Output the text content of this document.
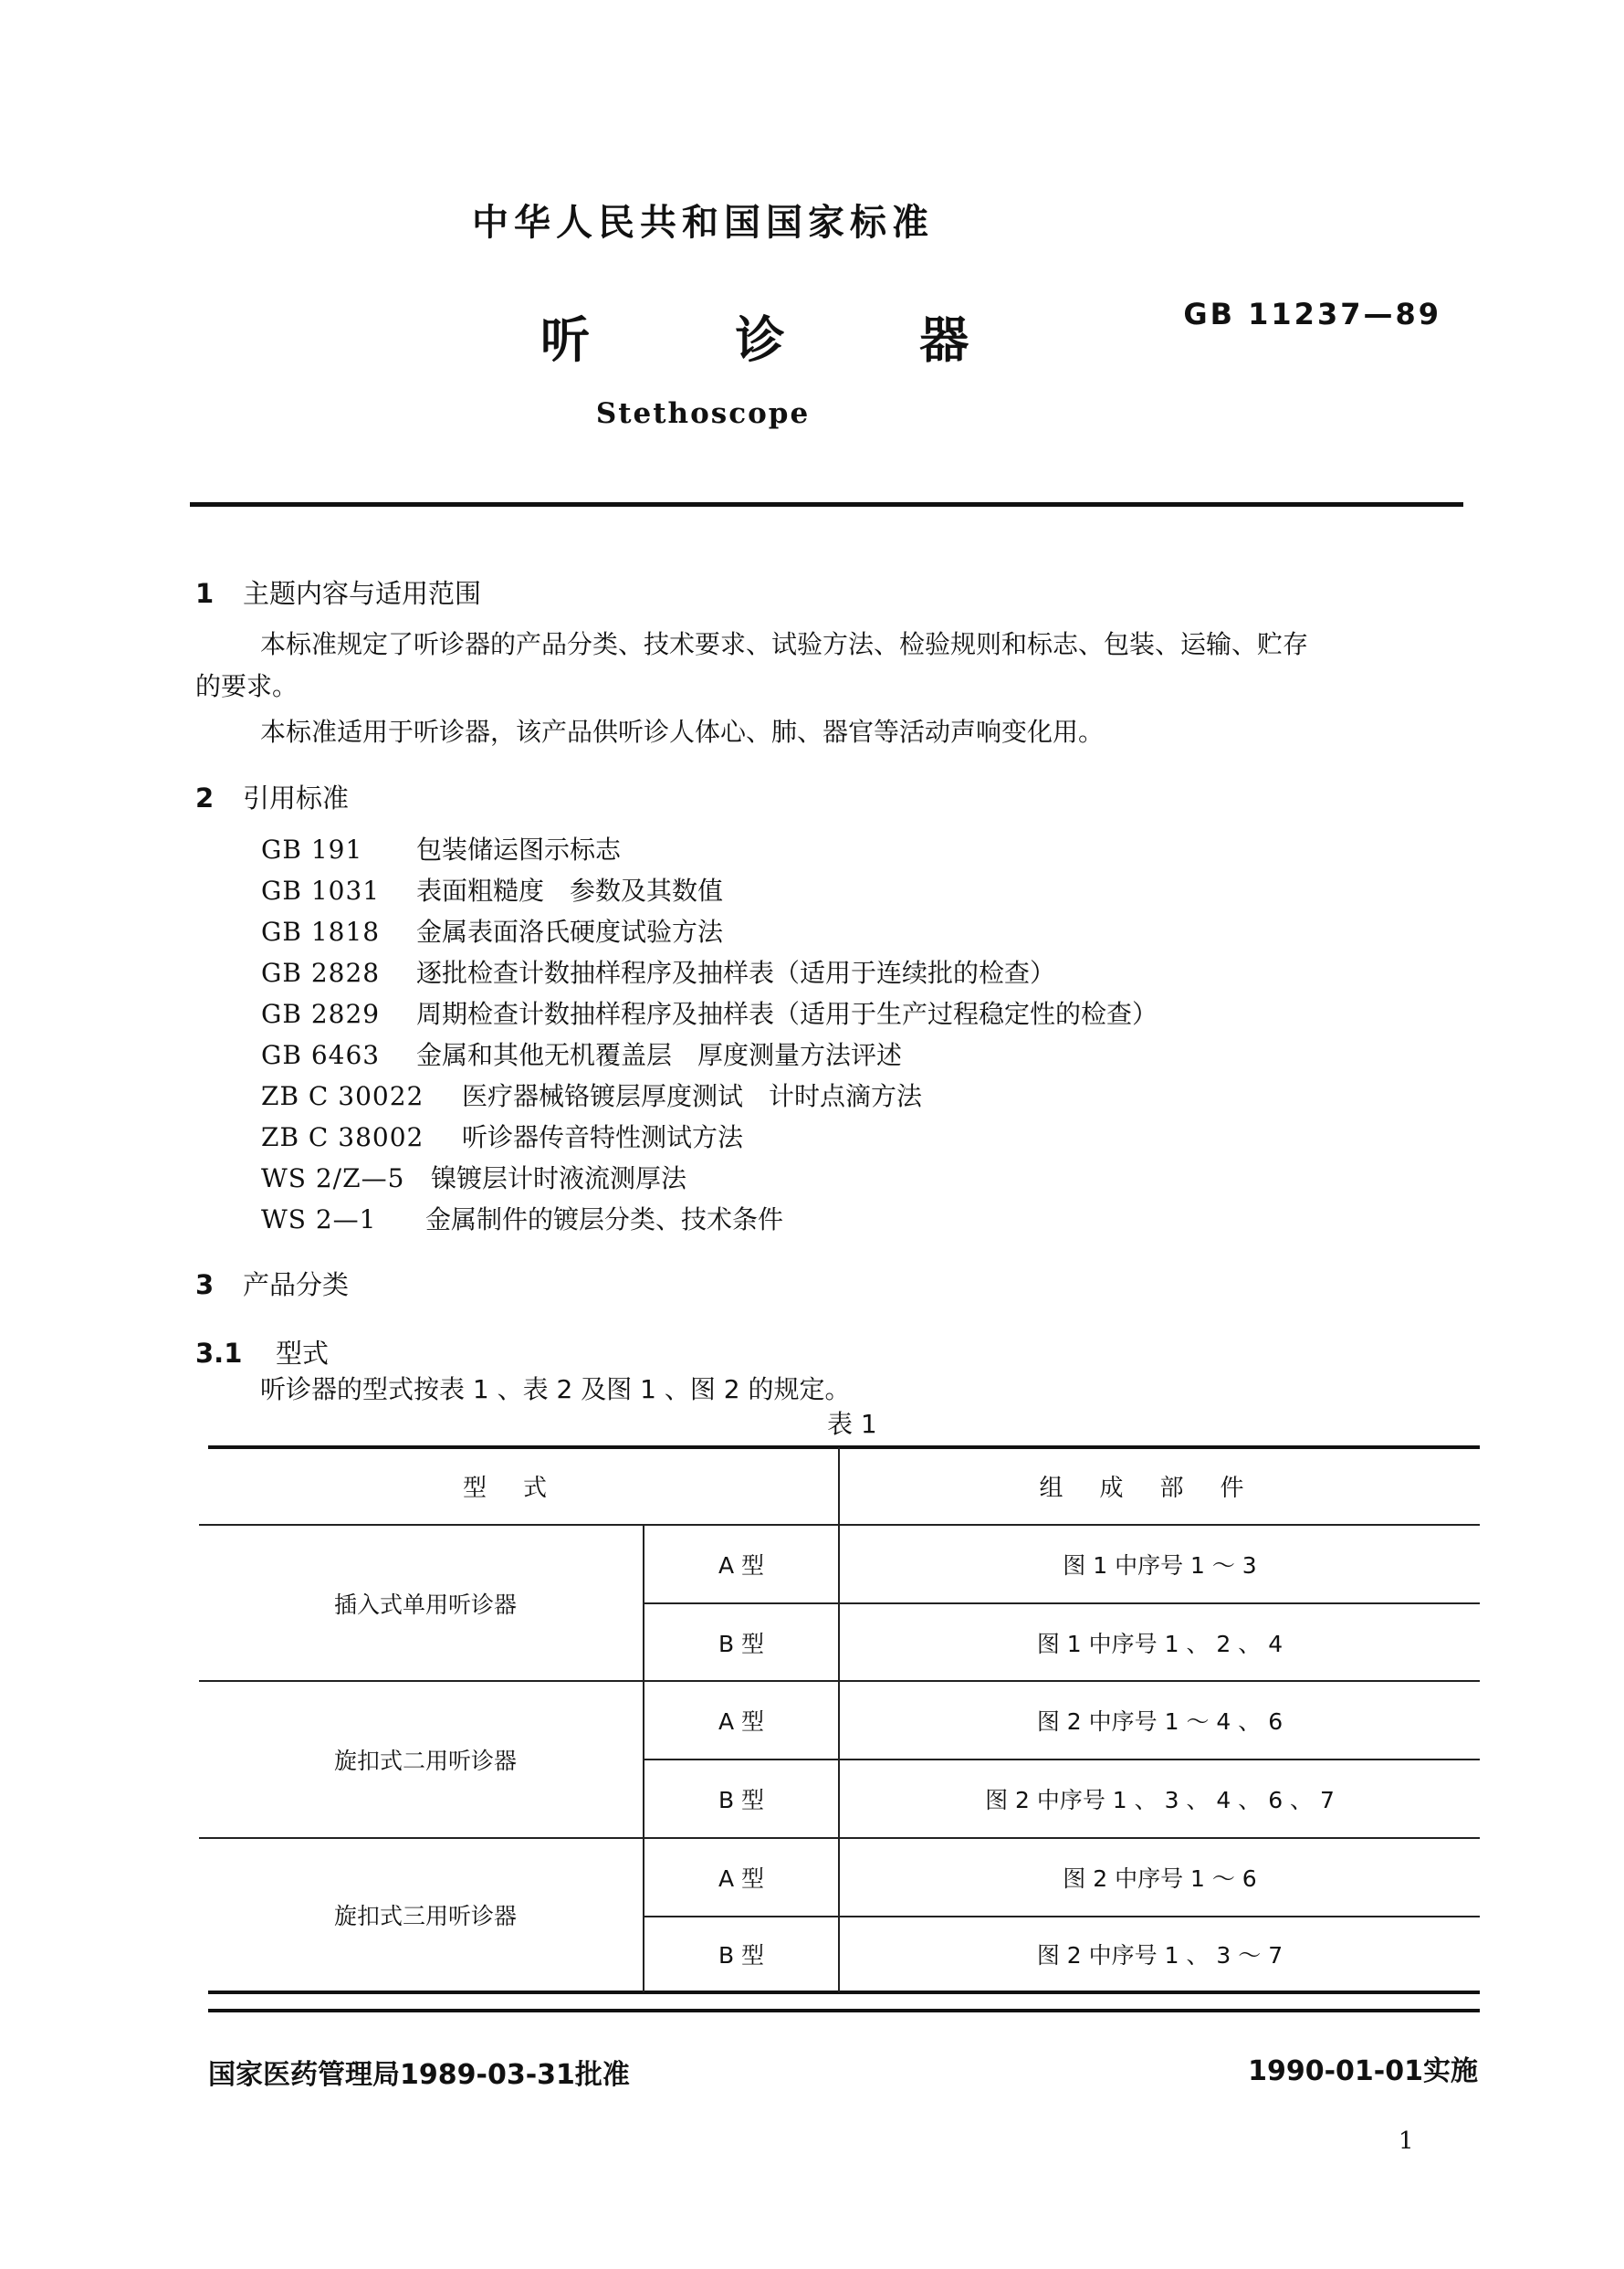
中华人民共和国国家标准
听	诊	器	GB 11237—89
Stethoscope
1 主题内容与适用范围
本标准规定了听诊器的产品分类、技术要求、试验方法、检验规则和标志、包装、运输、贮存
的要求。
本标准适用于听诊器，该产品供听诊人体心、肺、器官等活动声响变化用。
2 引用标准
GB 191 包装储运图示标志
GB 1031 表面粗糙度　参数及其数值
GB 1818 金属表面洛氏硬度试验方法
GB 2828 逐批检查计数抽样程序及抽样表（适用于连续批的检查）
GB 2829 周期检查计数抽样程序及抽样表（适用于生产过程稳定性的检查）
GB 6463 金属和其他无机覆盖层　厚度测量方法评述
ZB C 30022 医疗器械铬镀层厚度测试　计时点滴方法
ZB C 38002 听诊器传音特性测试方法
WS 2/Z—5 镍镀层计时液流测厚法
WS 2—1 金属制件的镀层分类、技术条件
3 产品分类
3.1 型式
听诊器的型式按表 1 、表 2 及图 1 、图 2 的规定。
表 1
型式	组成部件
插入式单用听诊器
A 型	图 1 中序号 1 ～ 3
B 型	图 1 中序号 1 、 2 、 4
旋扣式二用听诊器
A 型	图 2 中序号 1 ～ 4 、 6
B 型	图 2 中序号 1 、 3 、 4 、 6 、 7
旋扣式三用听诊器
A 型	图 2 中序号 1 ～ 6
B 型	图 2 中序号 1 、 3 ～ 7
国家医药管理局1989-03-31批准	1990-01-01实施
1
